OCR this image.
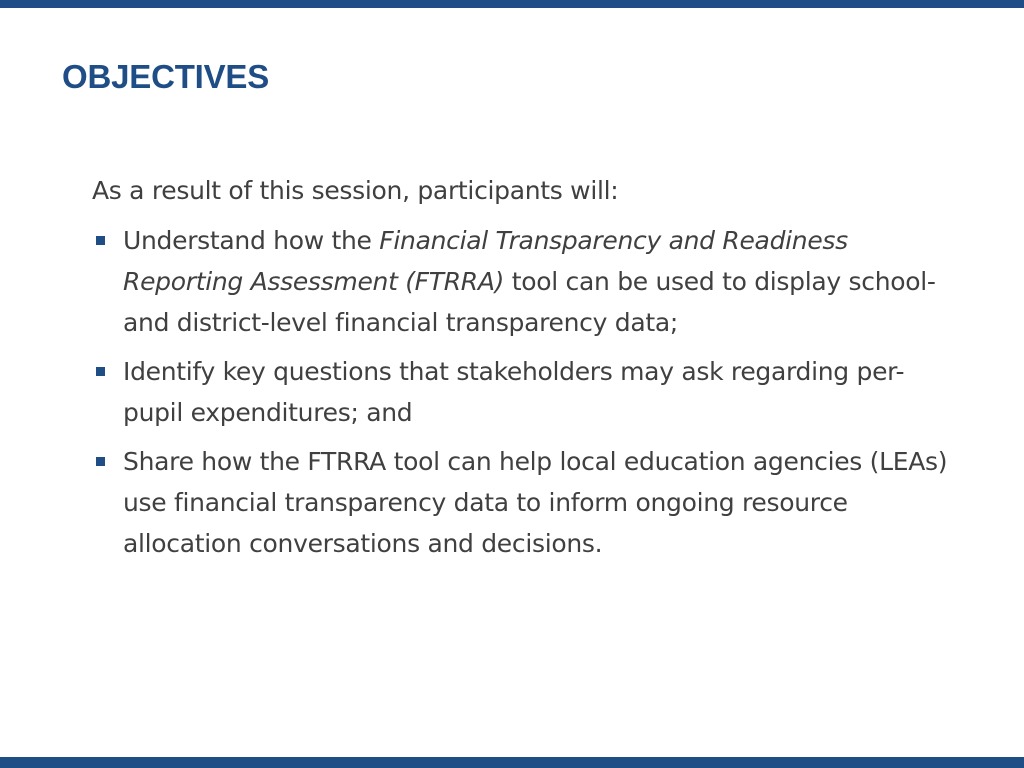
OBJECTIVES

As a result of this session, participants will:

Understand how the Financial Transparency and Readiness Reporting Assessment (FTRRA) tool can be used to display school- and district-level financial transparency data;
Identify key questions that stakeholders may ask regarding per-pupil expenditures; and
Share how the FTRRA tool can help local education agencies (LEAs) use financial transparency data to inform ongoing resource allocation conversations and decisions.
